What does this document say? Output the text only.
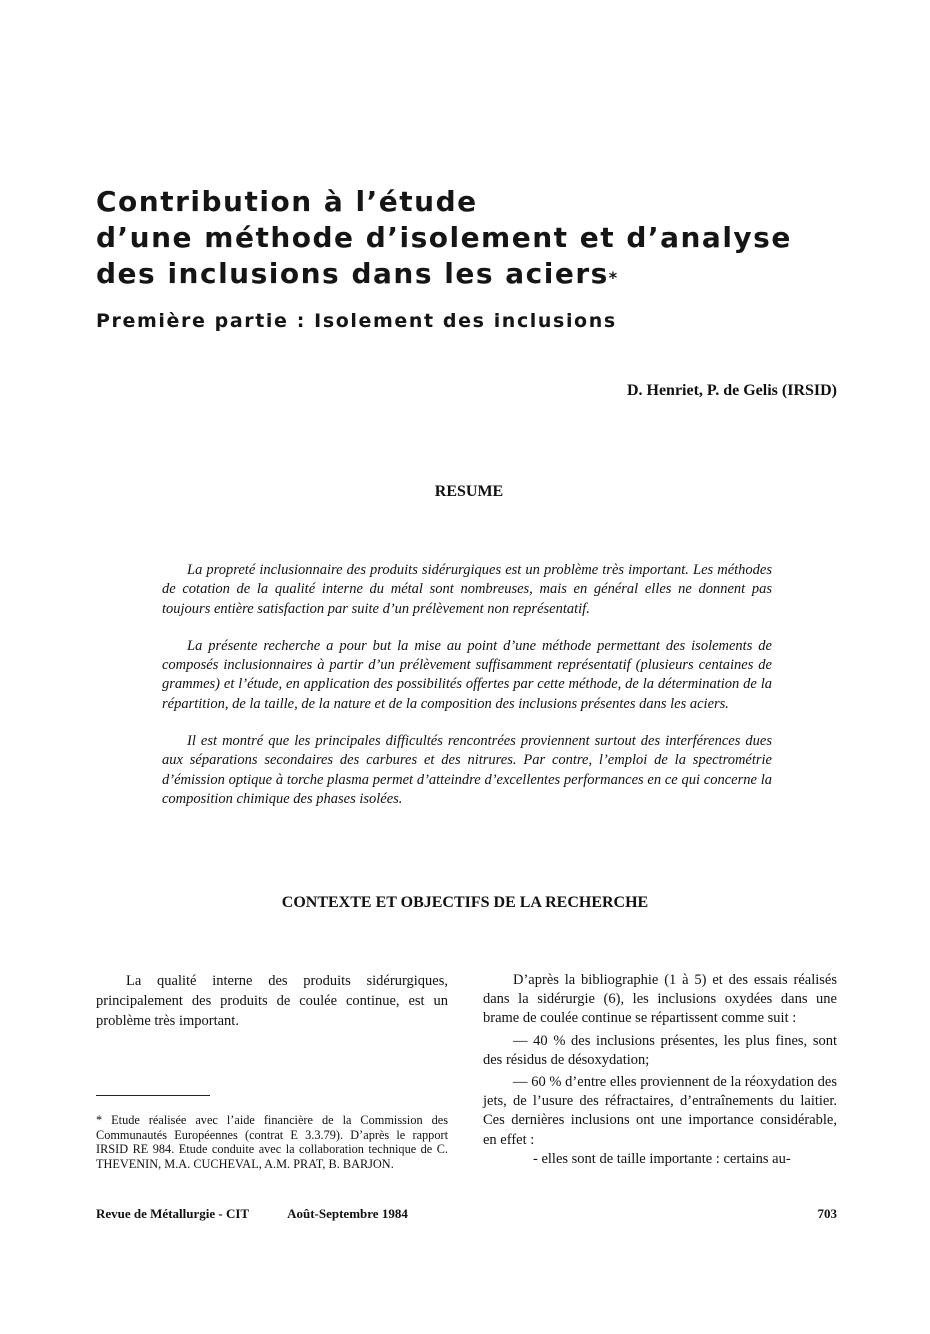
Contribution à l’étude
d’une méthode d’isolement et d’analyse
des inclusions dans les aciers*
Première partie : Isolement des inclusions
D. Henriet, P. de Gelis (IRSID)
RESUME

La propreté inclusionnaire des produits sidérurgiques est un problème très important. Les méthodes de cotation de la qualité interne du métal sont nombreuses, mais en général elles ne donnent pas toujours entière satisfaction par suite d’un prélèvement non représentatif.

La présente recherche a pour but la mise au point d’une méthode permettant des isolements de composés inclusionnaires à partir d’un prélèvement suffisamment représentatif (plusieurs centaines de grammes) et l’étude, en application des possibilités offertes par cette méthode, de la détermination de la répartition, de la taille, de la nature et de la composition des inclusions présentes dans les aciers.

Il est montré que les principales difficultés rencontrées proviennent surtout des interférences dues aux séparations secondaires des carbures et des nitrures. Par contre, l’emploi de la spectrométrie d’émission optique à torche plasma permet d’atteindre d’excellentes performances en ce qui concerne la composition chimique des phases isolées.

CONTEXTE ET OBJECTIFS DE LA RECHERCHE

La qualité interne des produits sidérurgiques, principalement des produits de coulée continue, est un problème très important.

* Etude réalisée avec l’aide financière de la Commission des Communautés Européennes (contrat E 3.3.79). D’après le rapport IRSID RE 984. Etude conduite avec la collaboration technique de C. THEVENIN, M.A. CUCHEVAL, A.M. PRAT, B. BARJON.

D’après la bibliographie (1 à 5) et des essais réalisés dans la sidérurgie (6), les inclusions oxydées dans une brame de coulée continue se répartissent comme suit :

— 40 % des inclusions présentes, les plus fines, sont des résidus de désoxydation;

— 60 % d’entre elles proviennent de la réoxydation des jets, de l’usure des réfractaires, d’entraînements du laitier. Ces dernières inclusions ont une importance considérable, en effet :

- elles sont de taille importante : certains au-

Revue de Métallurgie - CIT	Août-Septembre 1984	703
